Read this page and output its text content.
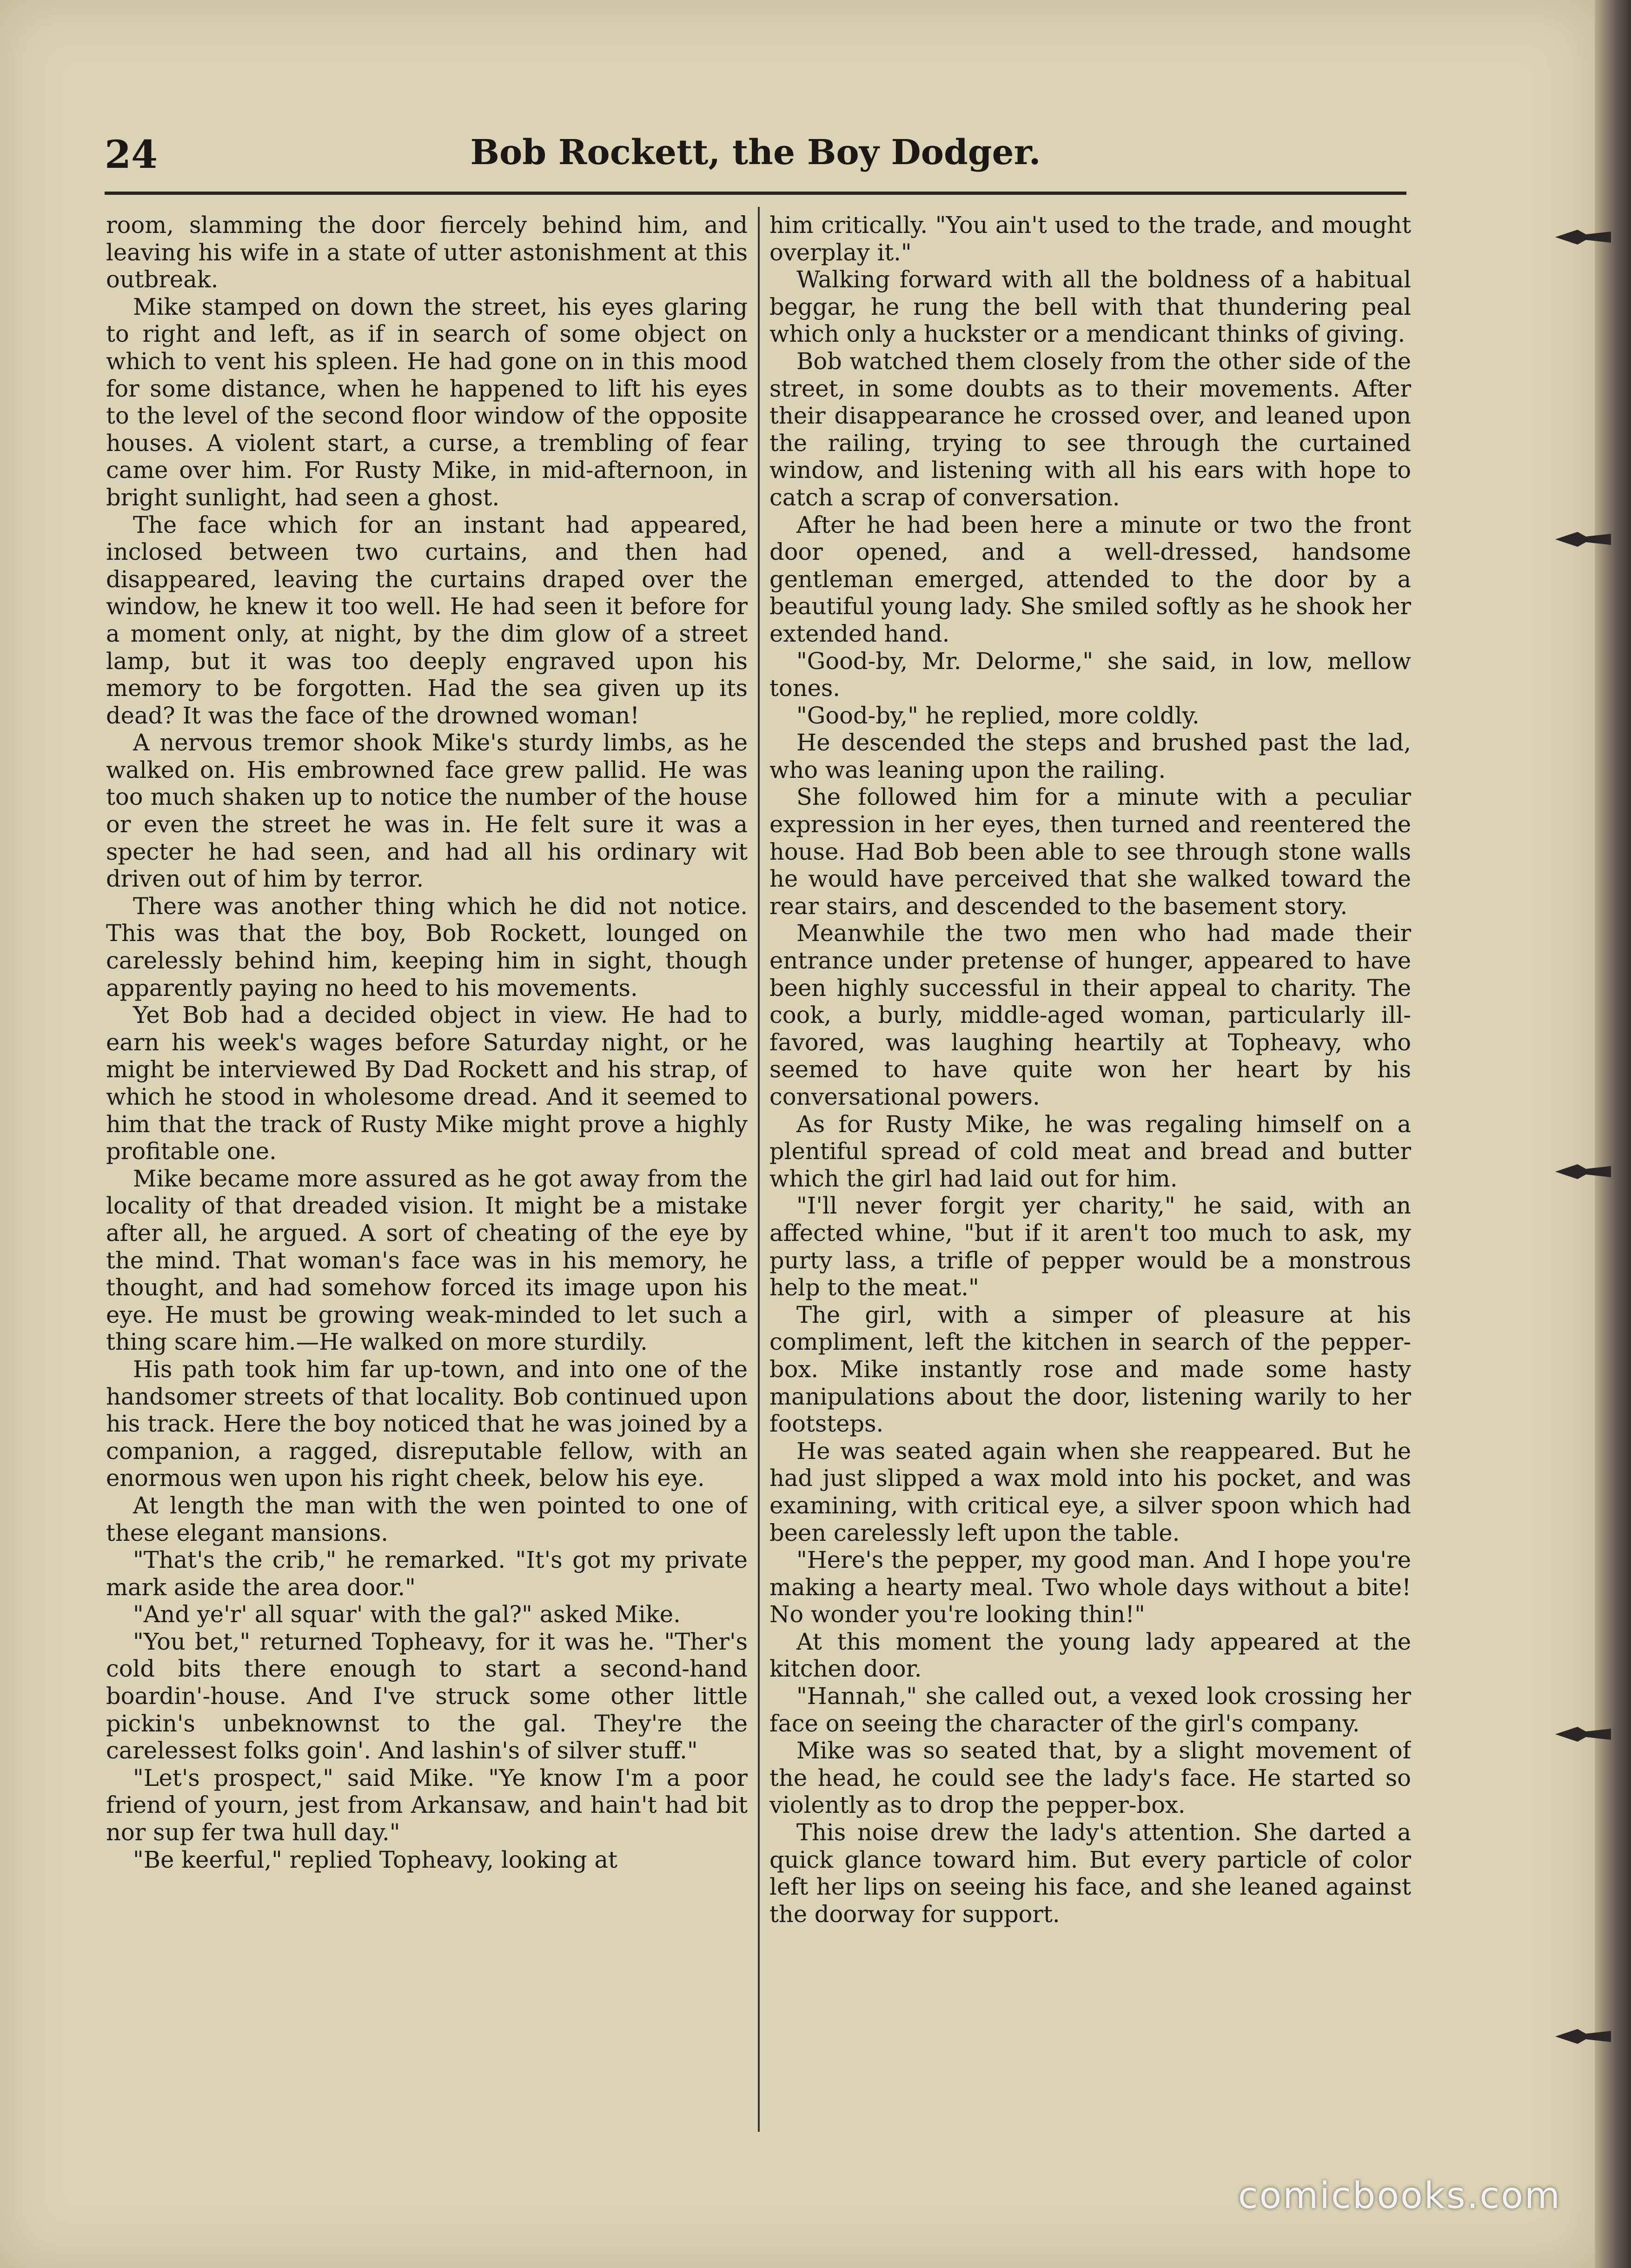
24	Bob Rockett, the Boy Dodger.

room, slamming the door fiercely behind him, and leaving his wife in a state of utter astonishment at this outbreak.

Mike stamped on down the street, his eyes glaring to right and left, as if in search of some object on which to vent his spleen. He had gone on in this mood for some distance, when he happened to lift his eyes to the level of the second floor window of the opposite houses. A violent start, a curse, a trembling of fear came over him. For Rusty Mike, in mid-afternoon, in bright sunlight, had seen a ghost.

The face which for an instant had appeared, inclosed between two curtains, and then had disappeared, leaving the curtains draped over the window, he knew it too well. He had seen it before for a moment only, at night, by the dim glow of a street lamp, but it was too deeply engraved upon his memory to be forgotten. Had the sea given up its dead? It was the face of the drowned woman!

A nervous tremor shook Mike's sturdy limbs, as he walked on. His embrowned face grew pallid. He was too much shaken up to notice the number of the house or even the street he was in. He felt sure it was a specter he had seen, and had all his ordinary wit driven out of him by terror.

There was another thing which he did not notice. This was that the boy, Bob Rockett, lounged on carelessly behind him, keeping him in sight, though apparently paying no heed to his movements.

Yet Bob had a decided object in view. He had to earn his week's wages before Saturday night, or he might be interviewed By Dad Rockett and his strap, of which he stood in wholesome dread. And it seemed to him that the track of Rusty Mike might prove a highly profitable one.

Mike became more assured as he got away from the locality of that dreaded vision. It might be a mistake after all, he argued. A sort of cheating of the eye by the mind. That woman's face was in his memory, he thought, and had somehow forced its image upon his eye. He must be growing weak-minded to let such a thing scare him.—He walked on more sturdily.

His path took him far up-town, and into one of the handsomer streets of that locality. Bob continued upon his track. Here the boy noticed that he was joined by a companion, a ragged, disreputable fellow, with an enormous wen upon his right cheek, below his eye.

At length the man with the wen pointed to one of these elegant mansions.

"That's the crib," he remarked. "It's got my private mark aside the area door."

"And ye'r' all squar' with the gal?" asked Mike.

"You bet," returned Topheavy, for it was he. "Ther's cold bits there enough to start a second-hand boardin'-house. And I've struck some other little pickin's unbeknownst to the gal. They're the carelessest folks goin'. And lashin's of silver stuff."

"Let's prospect," said Mike. "Ye know I'm a poor friend of yourn, jest from Arkansaw, and hain't had bit nor sup fer twa hull day."

"Be keerful," replied Topheavy, looking at

him critically. "You ain't used to the trade, and mought overplay it."

Walking forward with all the boldness of a habitual beggar, he rung the bell with that thundering peal which only a huckster or a mendicant thinks of giving.

Bob watched them closely from the other side of the street, in some doubts as to their movements. After their disappearance he crossed over, and leaned upon the railing, trying to see through the curtained window, and listening with all his ears with hope to catch a scrap of conversation.

After he had been here a minute or two the front door opened, and a well-dressed, handsome gentleman emerged, attended to the door by a beautiful young lady. She smiled softly as he shook her extended hand.

"Good-by, Mr. Delorme," she said, in low, mellow tones.

"Good-by," he replied, more coldly.

He descended the steps and brushed past the lad, who was leaning upon the railing.

She followed him for a minute with a peculiar expression in her eyes, then turned and reentered the house. Had Bob been able to see through stone walls he would have perceived that she walked toward the rear stairs, and descended to the basement story.

Meanwhile the two men who had made their entrance under pretense of hunger, appeared to have been highly successful in their appeal to charity. The cook, a burly, middle-aged woman, particularly ill-favored, was laughing heartily at Topheavy, who seemed to have quite won her heart by his conversational powers.

As for Rusty Mike, he was regaling himself on a plentiful spread of cold meat and bread and butter which the girl had laid out for him.

"I'll never forgit yer charity," he said, with an affected whine, "but if it aren't too much to ask, my purty lass, a trifle of pepper would be a monstrous help to the meat."

The girl, with a simper of pleasure at his compliment, left the kitchen in search of the pepper-box. Mike instantly rose and made some hasty manipulations about the door, listening warily to her footsteps.

He was seated again when she reappeared. But he had just slipped a wax mold into his pocket, and was examining, with critical eye, a silver spoon which had been carelessly left upon the table.

"Here's the pepper, my good man. And I hope you're making a hearty meal. Two whole days without a bite! No wonder you're looking thin!"

At this moment the young lady appeared at the kitchen door.

"Hannah," she called out, a vexed look crossing her face on seeing the character of the girl's company.

Mike was so seated that, by a slight movement of the head, he could see the lady's face. He started so violently as to drop the pepper-box.

This noise drew the lady's attention. She darted a quick glance toward him. But every particle of color left her lips on seeing his face, and she leaned against the doorway for support.

comicbooks.com
